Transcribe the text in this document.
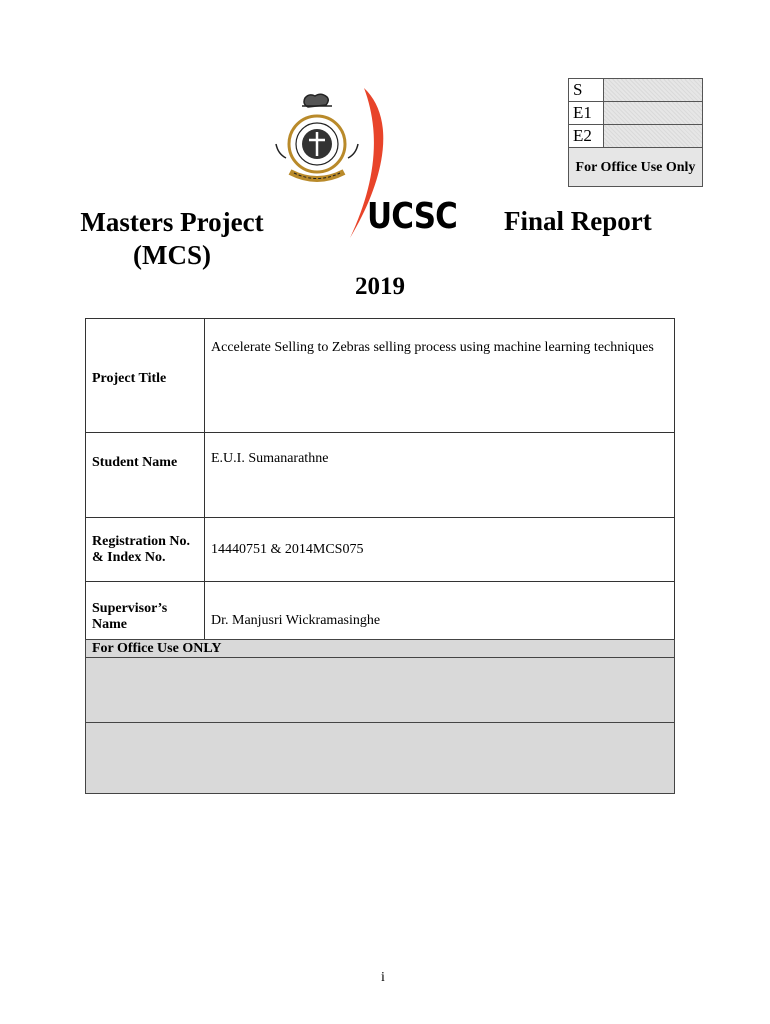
S	
E1	
E2	
For Office Use Only	
UCSC
Masters Project (MCS)
Final Report
2019
Project Title	Accelerate Selling to Zebras selling process using machine learning techniques
Student Name	E.U.I. Sumanarathne
Registration No. & Index No.	14440751 & 2014MCS075
Supervisor’s Name	Dr. Manjusri Wickramasinghe
For Office Use ONLY

i
